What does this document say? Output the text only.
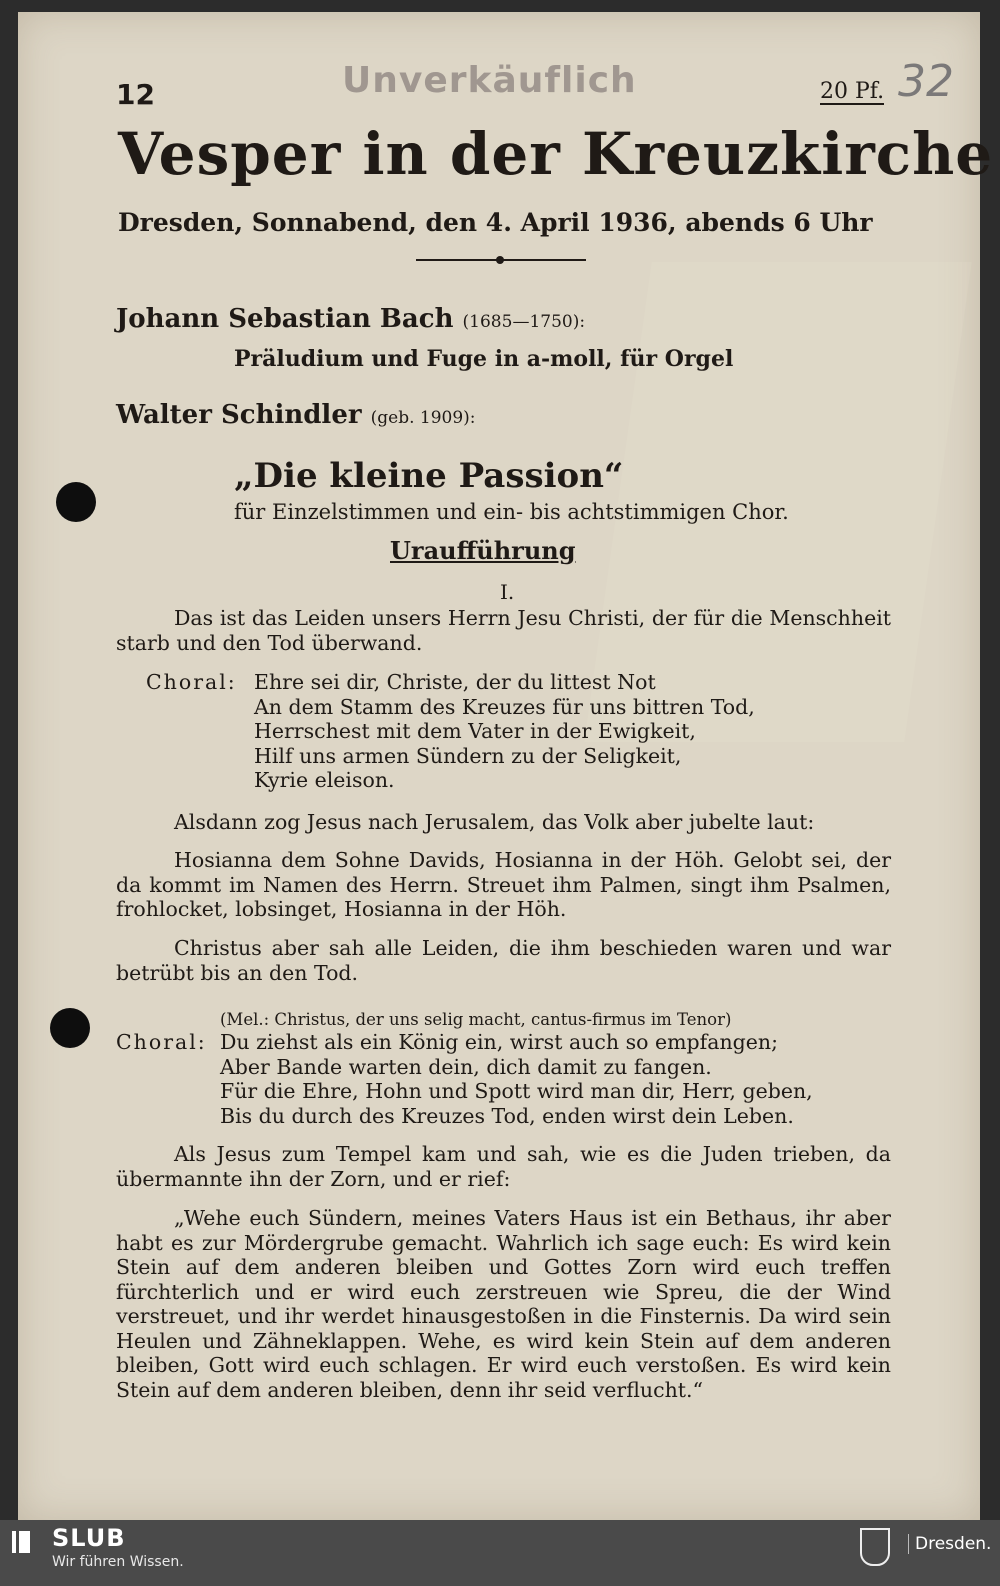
12	Unverkäuflich	20 Pf. 32
Vesper in der Kreuzkirche
Dresden, Sonnabend, den 4. April 1936, abends 6 Uhr
Johann Sebastian Bach (1685—1750):
Präludium und Fuge in a-moll, für Orgel
Walter Schindler (geb. 1909):
„Die kleine Passion“
für Einzelstimmen und ein- bis achtstimmigen Chor.
Uraufführung
I.

Das ist das Leiden unsers Herrn Jesu Christi, der für die Menschheit starb und den Tod überwand.

Choral: Ehre sei dir, Christe, der du littest Not
An dem Stamm des Kreuzes für uns bittren Tod,
Herrschest mit dem Vater in der Ewigkeit,
Hilf uns armen Sündern zu der Seligkeit,
Kyrie eleison.

Alsdann zog Jesus nach Jerusalem, das Volk aber jubelte laut:

Hosianna dem Sohne Davids, Hosianna in der Höh. Gelobt sei, der da kommt im Namen des Herrn. Streuet ihm Palmen, singt ihm Psalmen, frohlocket, lobsinget, Hosianna in der Höh.

Christus aber sah alle Leiden, die ihm beschieden waren und war betrübt bis an den Tod.

(Mel.: Christus, der uns selig macht, cantus-firmus im Tenor)
Choral: Du ziehst als ein König ein, wirst auch so empfangen;
Aber Bande warten dein, dich damit zu fangen.
Für die Ehre, Hohn und Spott wird man dir, Herr, geben,
Bis du durch des Kreuzes Tod, enden wirst dein Leben.

Als Jesus zum Tempel kam und sah, wie es die Juden trieben, da übermannte ihn der Zorn, und er rief:

„Wehe euch Sündern, meines Vaters Haus ist ein Bethaus, ihr aber habt es zur Mördergrube gemacht. Wahrlich ich sage euch: Es wird kein Stein auf dem anderen bleiben und Gottes Zorn wird euch treffen fürchterlich und er wird euch zerstreuen wie Spreu, die der Wind verstreuet, und ihr werdet hinausgestoßen in die Finsternis. Da wird sein Heulen und Zähneklappen. Wehe, es wird kein Stein auf dem anderen bleiben, Gott wird euch schlagen. Er wird euch verstoßen. Es wird kein Stein auf dem anderen bleiben, denn ihr seid verflucht.“

SLUB
Wir führen Wissen.
Dresden.
